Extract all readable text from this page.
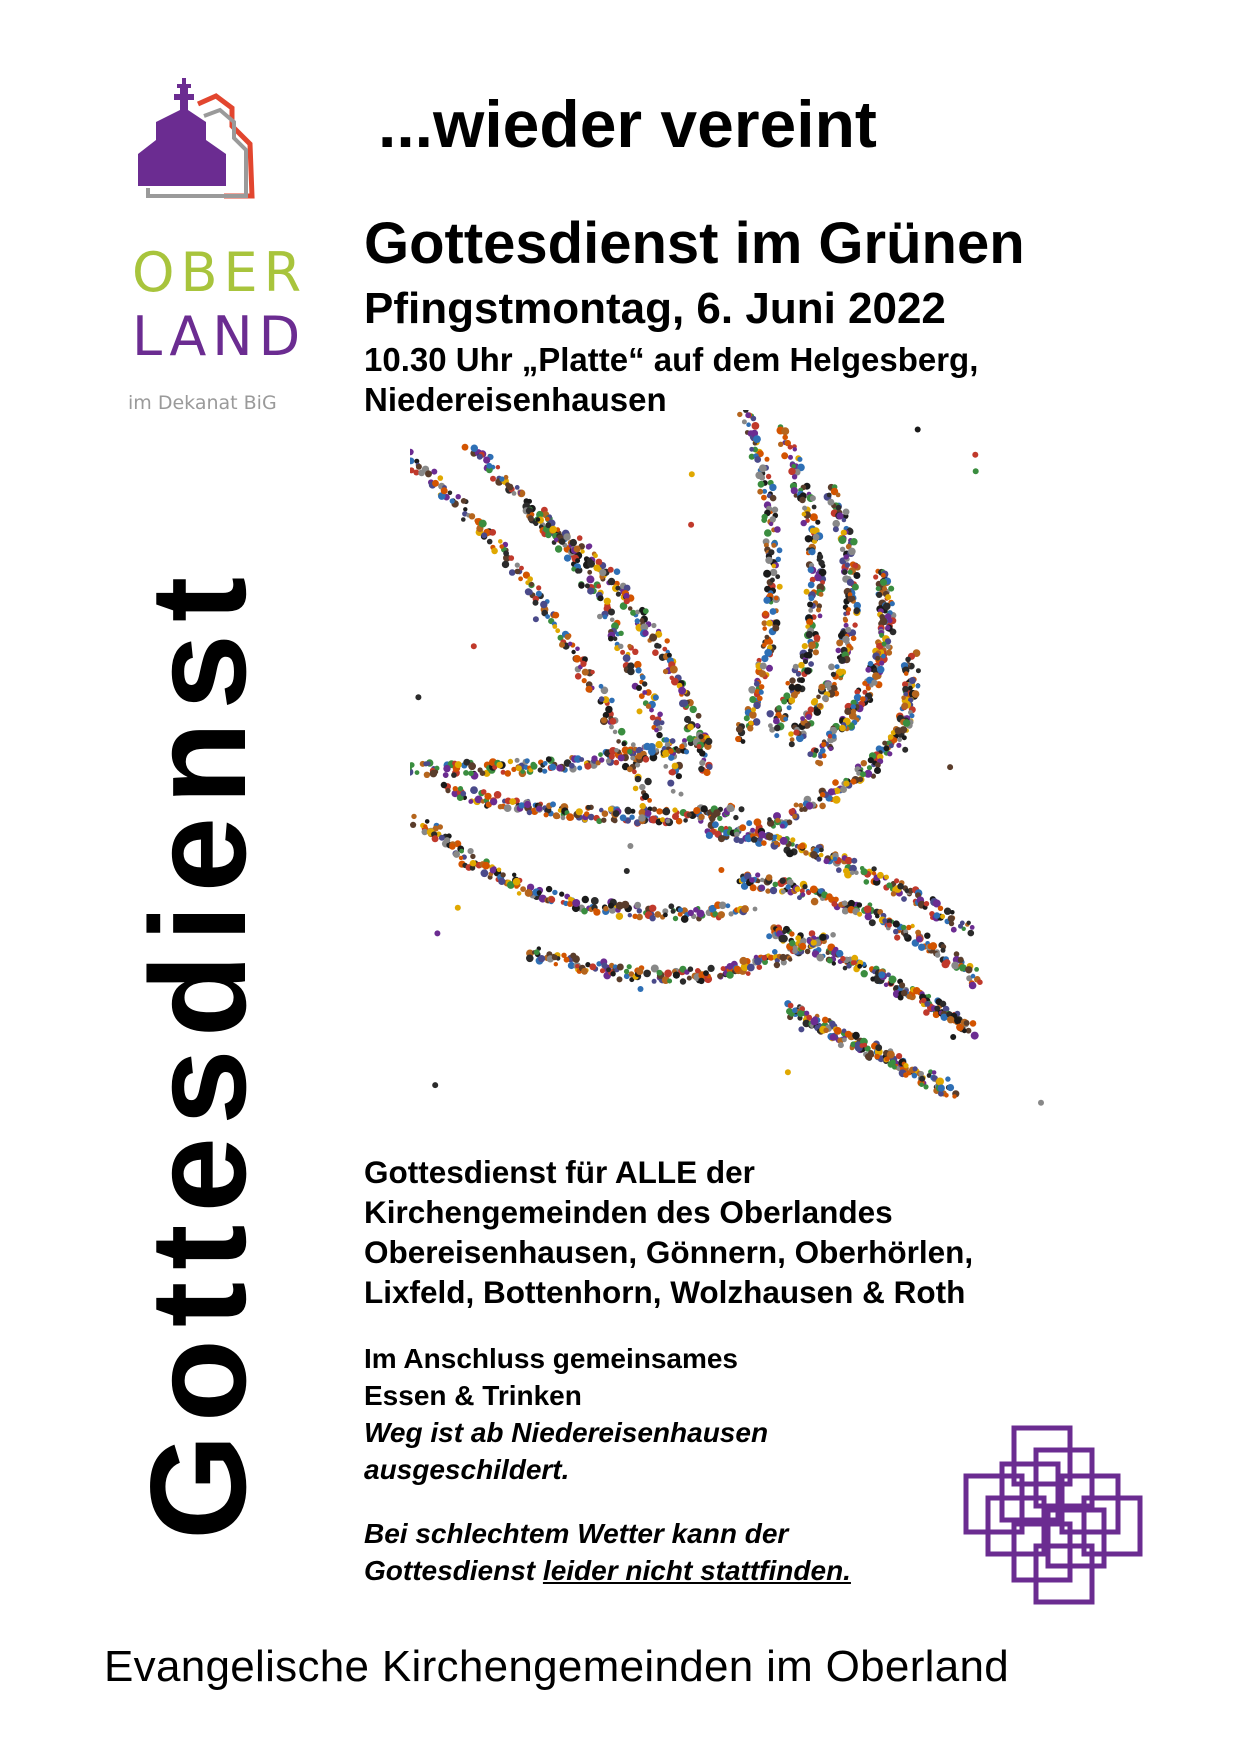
OBER
LAND
im Dekanat BiG
Gottesdienst
...wieder vereint
Gottesdienst im Grünen
Pfingstmontag, 6. Juni 2022
10.30 Uhr „Platte“ auf dem Helgesberg,
Niedereisenhausen
Gottesdienst für ALLE der
Kirchengemeinden des Oberlandes
Obereisenhausen, Gönnern, Oberhörlen,
Lixfeld, Bottenhorn, Wolzhausen & Roth
Im Anschluss gemeinsames
Essen & Trinken
Weg ist ab Niedereisenhausen
ausgeschildert.
Bei schlechtem Wetter kann der
Gottesdienst leider nicht stattfinden.
Evangelische Kirchengemeinden im Oberland
